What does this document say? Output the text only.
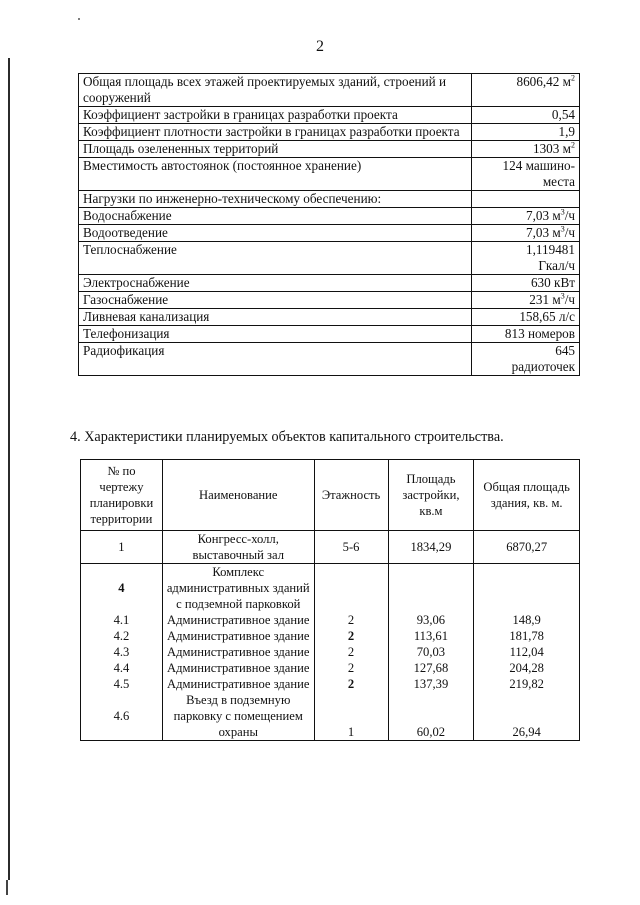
2
Общая площадь всех этажей проектируемых зданий, строений и сооружений	8606,42 $м^2$
Коэффициент застройки в границах разработки проекта	0,54
Коэффициент плотности застройки в границах разработки проекта	1,9
Площадь озелененных территорий	1303 $м^2$
Вместимость автостоянок (постоянное хранение)	124 машино-места
Нагрузки по инженерно-техническому обеспечению:	
Водоснабжение	7,03 $м^3/ч$
Водоотведение	7,03 $м^3/ч$
Теплоснабжение	1,119481 Гкал/ч
Электроснабжение	630 кВт
Газоснабжение	231 $м^3/ч$
Ливневая канализация	158,65 л/с
Телефонизация	813 номеров
Радиофикация	645 радиоточек
4. Характеристики планируемых объектов капитального строительства.
№ по чертежу планировки территории	Наименование	Этажность	Площадь застройки, кв.м	Общая площадь здания, кв. м.
1	Конгресс-холл, выставочный зал	5-6	1834,29	6870,27
4	Комплекс административных зданий с подземной парковкой			
4.1	Административное здание	2	93,06	148,9
4.2	Административное здание	2	113,61	181,78
4.3	Административное здание	2	70,03	112,04
4.4	Административное здание	2	127,68	204,28
4.5	Административное здание	2	137,39	219,82
4.6	Въезд в подземную парковку с помещением охраны	1	60,02	26,94
